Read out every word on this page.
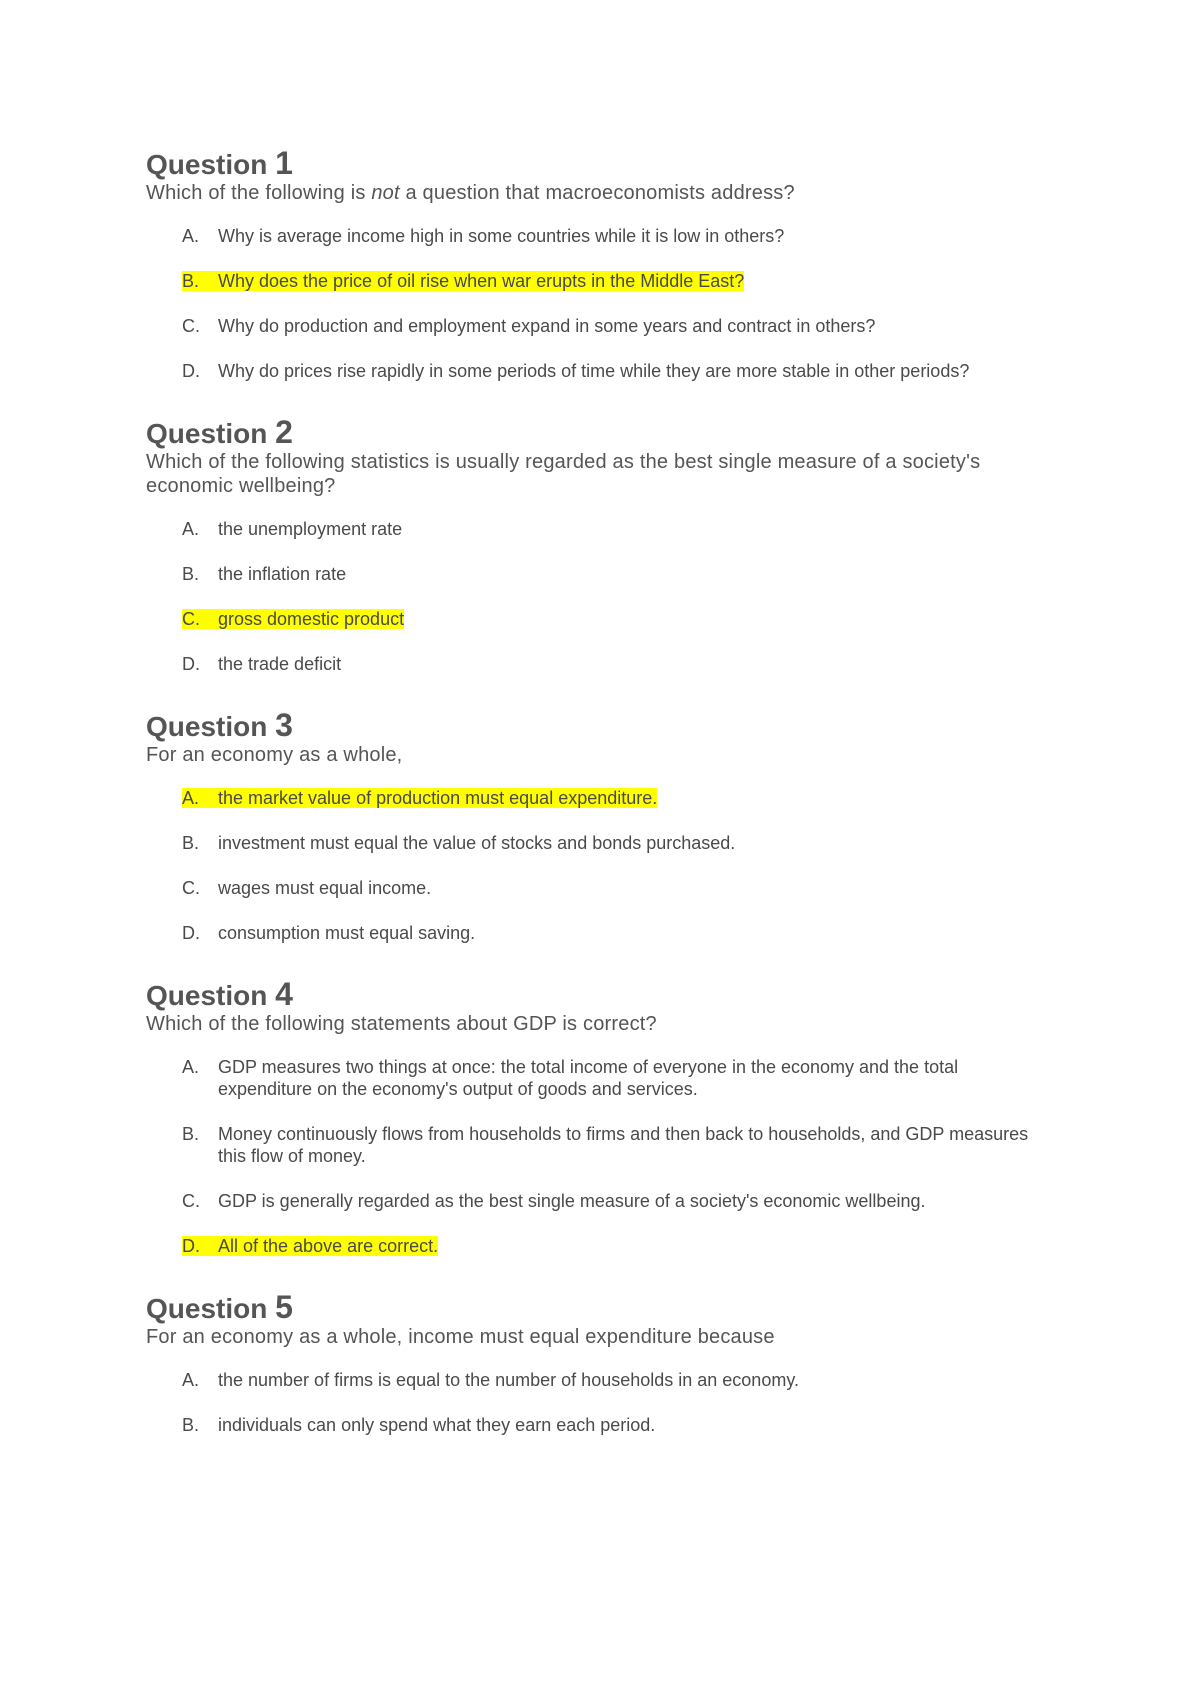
Question 1

Which of the following is not a question that macroeconomists address?

A.	Why is average income high in some countries while it is low in others?
B.	Why does the price of oil rise when war erupts in the Middle East?
C.	Why do production and employment expand in some years and contract in others?
D.	Why do prices rise rapidly in some periods of time while they are more stable in other periods?
Question 2

Which of the following statistics is usually regarded as the best single measure of a society's economic wellbeing?

A.	the unemployment rate
B.	the inflation rate
C.	gross domestic product
D.	the trade deficit
Question 3

For an economy as a whole,

A.	the market value of production must equal expenditure.
B.	investment must equal the value of stocks and bonds purchased.
C.	wages must equal income.
D.	consumption must equal saving.
Question 4

Which of the following statements about GDP is correct?

A.	GDP measures two things at once: the total income of everyone in the economy and the total expenditure on the economy's output of goods and services.
B.	Money continuously flows from households to firms and then back to households, and GDP measures this flow of money.
C.	GDP is generally regarded as the best single measure of a society's economic wellbeing.
D.	All of the above are correct.
Question 5

For an economy as a whole, income must equal expenditure because

A.	the number of firms is equal to the number of households in an economy.
B.	individuals can only spend what they earn each period.
